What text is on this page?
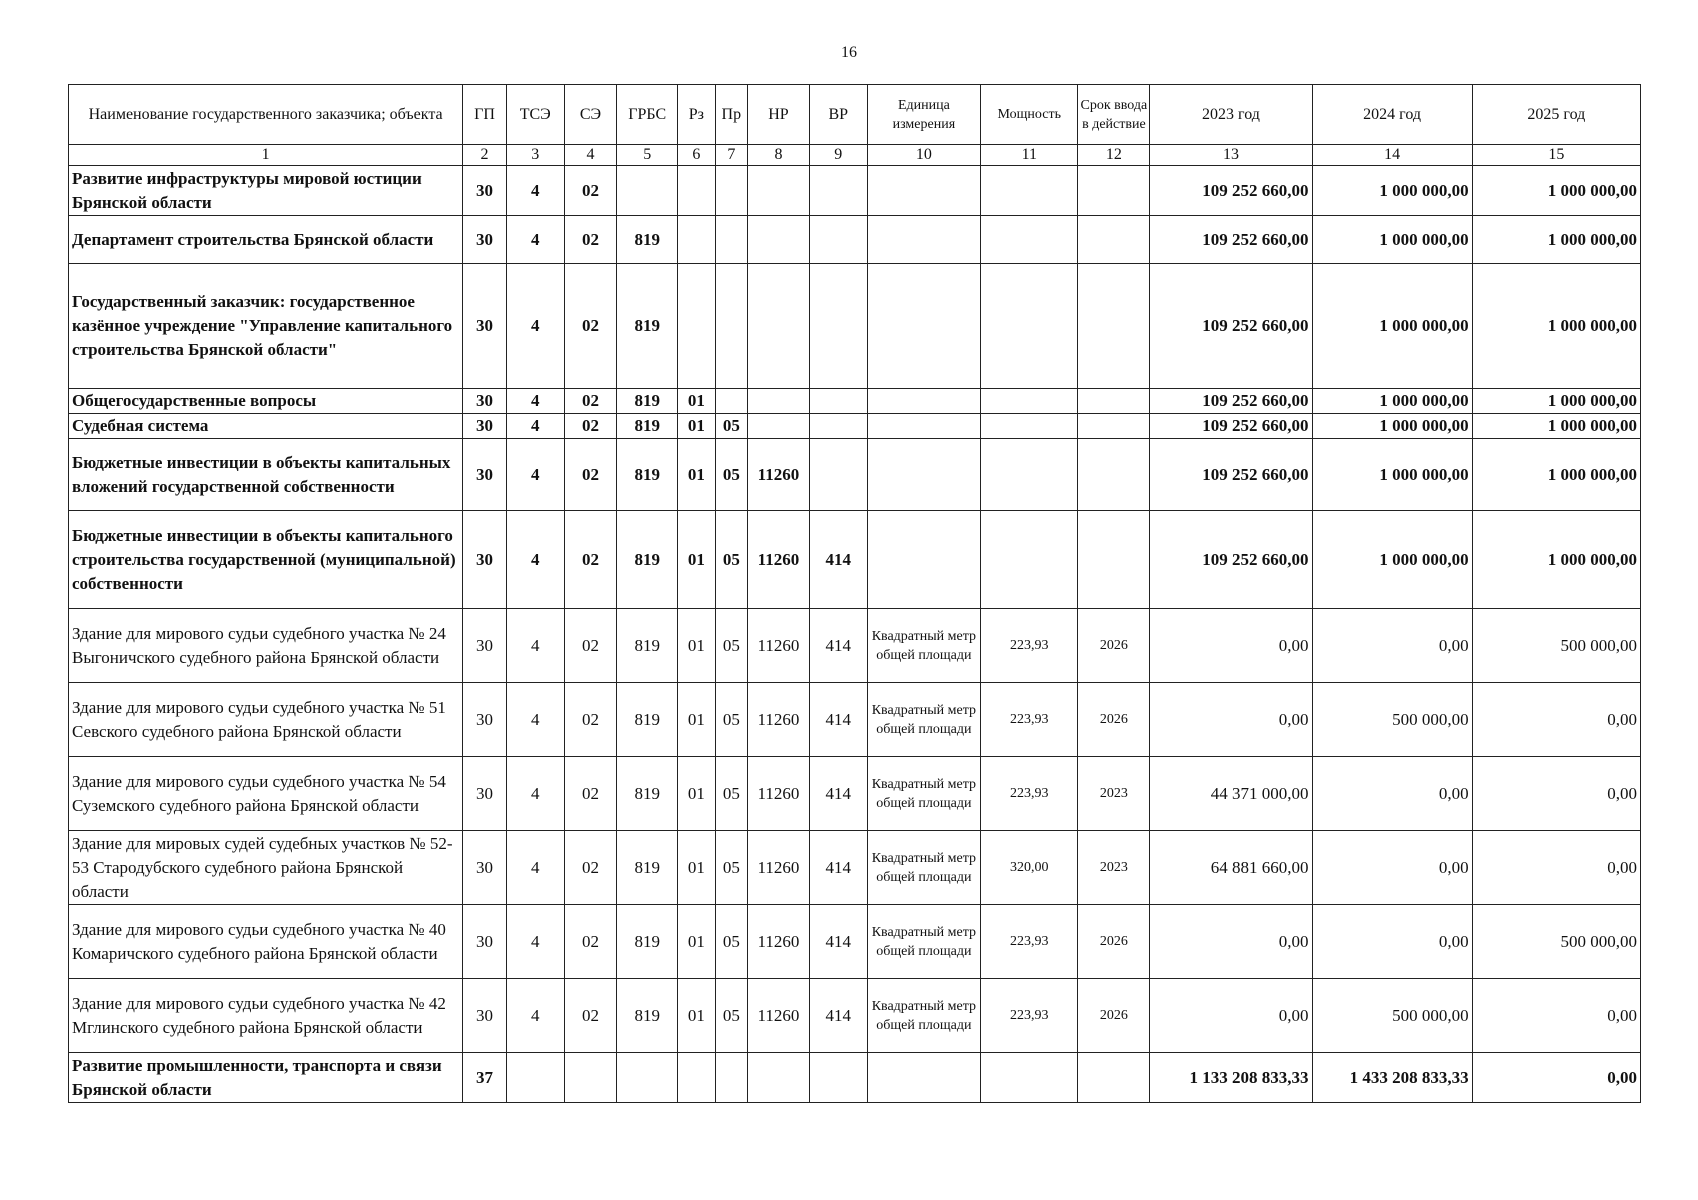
16
Наименование государственного заказчика; объекта	ГП	ТСЭ	СЭ	ГРБС	Рз	Пр	НР	ВР	Единица измерения	Мощность	Срок ввода в действие	2023 год	2024 год	2025 год
1	2	3	4	5	6	7	8	9	10	11	12	13	14	15
Развитие инфраструктуры мировой юстиции Брянской области	30	4	02									109 252 660,00	1 000 000,00	1 000 000,00
Департамент строительства Брянской области	30	4	02	819								109 252 660,00	1 000 000,00	1 000 000,00
Государственный заказчик: государственное казённое учреждение "Управление капитального строительства Брянской области"	30	4	02	819								109 252 660,00	1 000 000,00	1 000 000,00
Общегосударственные вопросы	30	4	02	819	01							109 252 660,00	1 000 000,00	1 000 000,00
Судебная система	30	4	02	819	01	05						109 252 660,00	1 000 000,00	1 000 000,00
Бюджетные инвестиции в объекты капитальных вложений государственной собственности	30	4	02	819	01	05	11260					109 252 660,00	1 000 000,00	1 000 000,00
Бюджетные инвестиции в объекты капитального строительства государственной (муниципальной) собственности	30	4	02	819	01	05	11260	414				109 252 660,00	1 000 000,00	1 000 000,00
Здание для мирового судьи судебного участка № 24 Выгоничского судебного района Брянской области	30	4	02	819	01	05	11260	414	Квадратный метр общей площади	223,93	2026	0,00	0,00	500 000,00
Здание для мирового судьи судебного участка № 51 Севского судебного района Брянской области	30	4	02	819	01	05	11260	414	Квадратный метр общей площади	223,93	2026	0,00	500 000,00	0,00
Здание для мирового судьи судебного участка № 54 Суземского судебного района Брянской области	30	4	02	819	01	05	11260	414	Квадратный метр общей площади	223,93	2023	44 371 000,00	0,00	0,00
Здание для мировых судей судебных участков № 52-53 Стародубского судебного района Брянской области	30	4	02	819	01	05	11260	414	Квадратный метр общей площади	320,00	2023	64 881 660,00	0,00	0,00
Здание для мирового судьи судебного участка № 40 Комаричского судебного района Брянской области	30	4	02	819	01	05	11260	414	Квадратный метр общей площади	223,93	2026	0,00	0,00	500 000,00
Здание для мирового судьи судебного участка № 42 Мглинского судебного района Брянской области	30	4	02	819	01	05	11260	414	Квадратный метр общей площади	223,93	2026	0,00	500 000,00	0,00
Развитие промышленности, транспорта и связи Брянской области	37											1 133 208 833,33	1 433 208 833,33	0,00
